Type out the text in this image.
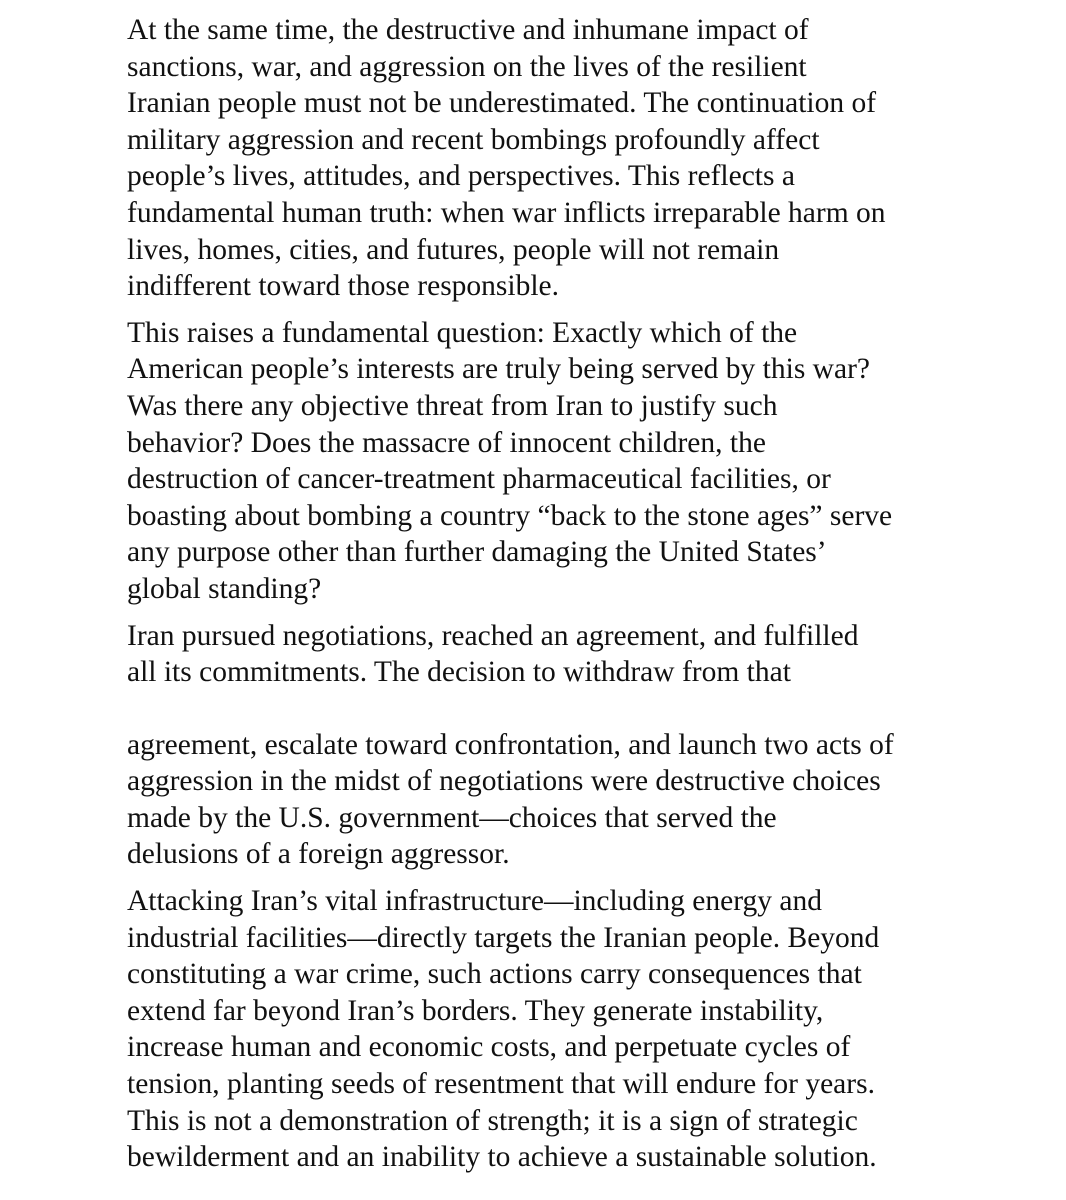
At the same time, the destructive and inhumane impact of
sanctions, war, and aggression on the lives of the resilient
Iranian people must not be underestimated. The continuation of
military aggression and recent bombings profoundly affect
people’s lives, attitudes, and perspectives. This reflects a
fundamental human truth: when war inflicts irreparable harm on
lives, homes, cities, and futures, people will not remain
indifferent toward those responsible.

This raises a fundamental question: Exactly which of the
American people’s interests are truly being served by this war?
Was there any objective threat from Iran to justify such
behavior? Does the massacre of innocent children, the
destruction of cancer-treatment pharmaceutical facilities, or
boasting about bombing a country “back to the stone ages” serve
any purpose other than further damaging the United States’
global standing?

Iran pursued negotiations, reached an agreement, and fulfilled
all its commitments. The decision to withdraw from that

agreement, escalate toward confrontation, and launch two acts of
aggression in the midst of negotiations were destructive choices
made by the U.S. government—choices that served the
delusions of a foreign aggressor.

Attacking Iran’s vital infrastructure—including energy and
industrial facilities—directly targets the Iranian people. Beyond
constituting a war crime, such actions carry consequences that
extend far beyond Iran’s borders. They generate instability,
increase human and economic costs, and perpetuate cycles of
tension, planting seeds of resentment that will endure for years.
This is not a demonstration of strength; it is a sign of strategic
bewilderment and an inability to achieve a sustainable solution.
